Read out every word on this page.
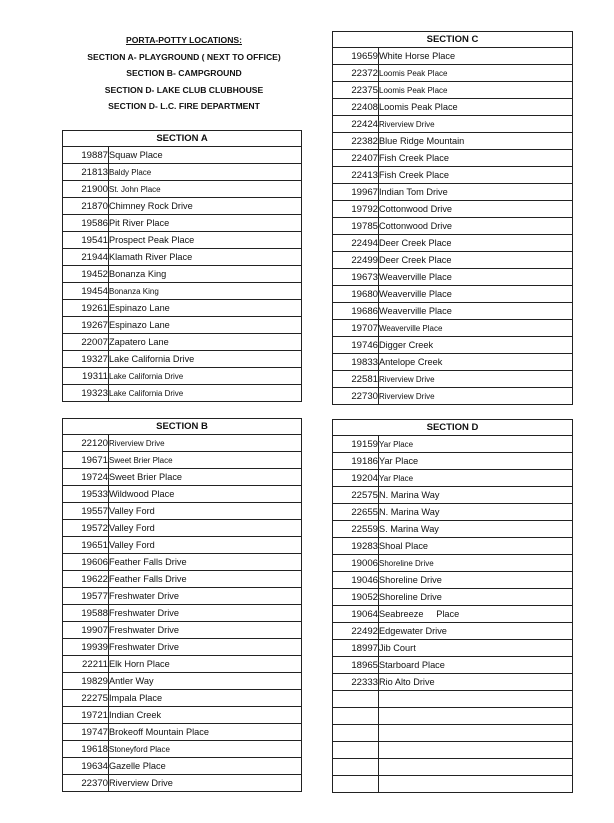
PORTA-POTTY LOCATIONS:
SECTION A- PLAYGROUND ( NEXT TO OFFICE)
SECTION B- CAMPGROUND
SECTION D- LAKE CLUB CLUBHOUSE
SECTION D- L.C. FIRE DEPARTMENT
SECTION A	
19887	Squaw Place
21813	Baldy Place
21900	St. John Place
21870	Chimney Rock Drive
19586	Pit River Place
19541	Prospect Peak Place
21944	Klamath River Place
19452	Bonanza King
19454	Bonanza King
19261	Espinazo Lane
19267	Espinazo Lane
22007	Zapatero Lane
19327	Lake California Drive
19311	Lake California Drive
19323	Lake California Drive
SECTION B	
22120	Riverview Drive
19671	Sweet Brier Place
19724	Sweet Brier Place
19533	Wildwood Place
19557	Valley Ford
19572	Valley Ford
19651	Valley Ford
19606	Feather Falls Drive
19622	Feather Falls Drive
19577	Freshwater Drive
19588	Freshwater Drive
19907	Freshwater Drive
19939	Freshwater Drive
22211	Elk Horn Place
19829	Antler Way
22275	Impala Place
19721	Indian Creek
19747	Brokeoff Mountain Place
19618	Stoneyford Place
19634	Gazelle Place
22370	Riverview Drive
SECTION C	
19659	White Horse Place
22372	Loomis Peak Place
22375	Loomis Peak Place
22408	Loomis Peak Place
22424	Riverview Drive
22382	Blue Ridge Mountain
22407	Fish Creek Place
22413	Fish Creek Place
19967	Indian Tom Drive
19792	Cottonwood Drive
19785	Cottonwood Drive
22494	Deer Creek Place
22499	Deer Creek Place
19673	Weaverville Place
19680	Weaverville Place
19686	Weaverville Place
19707	Weaverville Place
19746	Digger Creek
19833	Antelope Creek
22581	Riverview Drive
22730	Riverview Drive
SECTION D	
19159	Yar Place
19186	Yar Place
19204	Yar Place
22575	N. Marina Way
22655	N. Marina Way
22559	S. Marina Way
19283	Shoal Place
19006	Shoreline Drive
19046	Shoreline Drive
19052	Shoreline Drive
19064	Seabreeze     Place
22492	Edgewater Drive
18997	Jib Court
18965	Starboard Place
22333	Rio Alto Drive
